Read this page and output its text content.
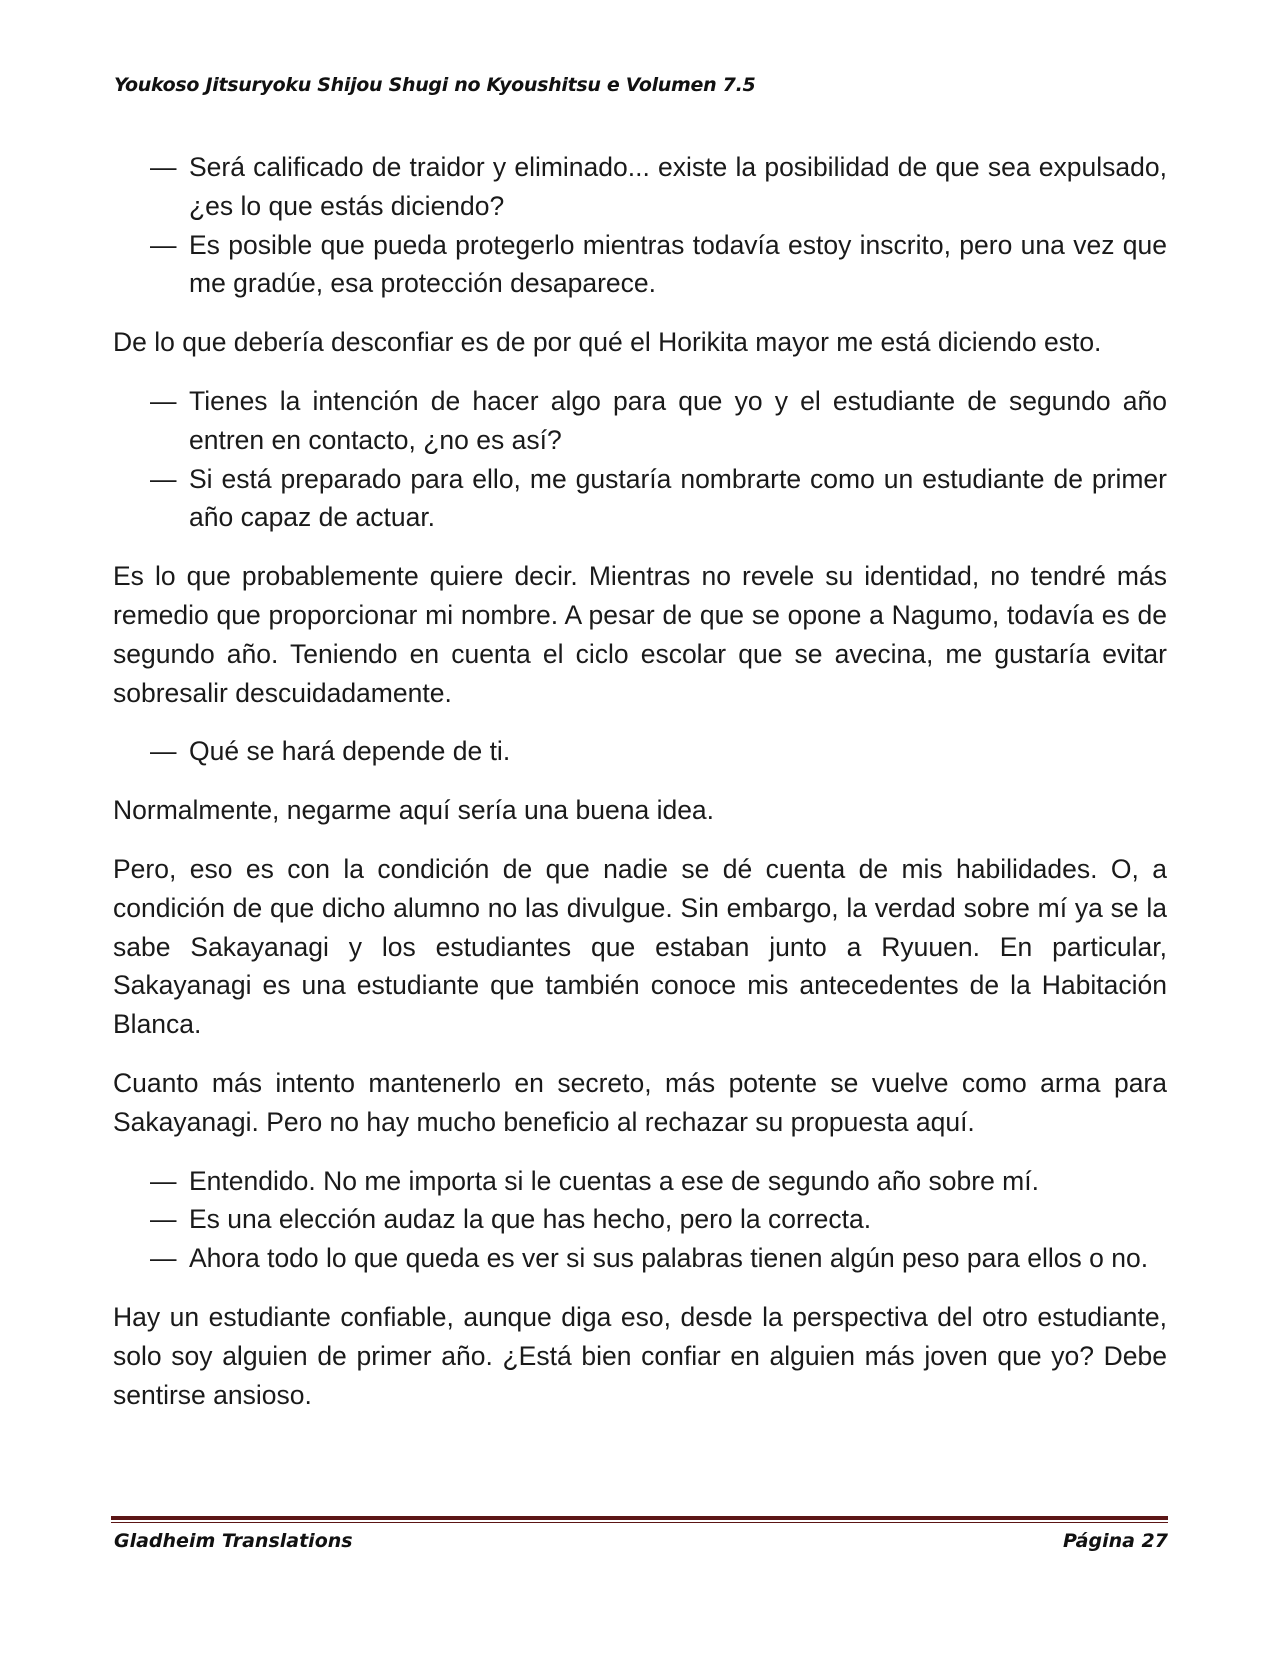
Youkoso Jitsuryoku Shijou Shugi no Kyoushitsu e Volumen 7.5
— Será calificado de traidor y eliminado... existe la posibilidad de que sea expulsado, ¿es lo que estás diciendo?
— Es posible que pueda protegerlo mientras todavía estoy inscrito, pero una vez que me gradúe, esa protección desaparece.

De lo que debería desconfiar es de por qué el Horikita mayor me está diciendo esto.

— Tienes la intención de hacer algo para que yo y el estudiante de segundo año entren en contacto, ¿no es así?
— Si está preparado para ello, me gustaría nombrarte como un estudiante de primer año capaz de actuar.

Es lo que probablemente quiere decir. Mientras no revele su identidad, no tendré más remedio que proporcionar mi nombre. A pesar de que se opone a Nagumo, todavía es de segundo año. Teniendo en cuenta el ciclo escolar que se avecina, me gustaría evitar sobresalir descuidadamente.

— Qué se hará depende de ti.

Normalmente, negarme aquí sería una buena idea.

Pero, eso es con la condición de que nadie se dé cuenta de mis habilidades. O, a condición de que dicho alumno no las divulgue. Sin embargo, la verdad sobre mí ya se la sabe Sakayanagi y los estudiantes que estaban junto a Ryuuen. En particular, Sakayanagi es una estudiante que también conoce mis antecedentes de la Habitación Blanca.

Cuanto más intento mantenerlo en secreto, más potente se vuelve como arma para Sakayanagi. Pero no hay mucho beneficio al rechazar su propuesta aquí.

— Entendido. No me importa si le cuentas a ese de segundo año sobre mí.
— Es una elección audaz la que has hecho, pero la correcta.
— Ahora todo lo que queda es ver si sus palabras tienen algún peso para ellos o no.

Hay un estudiante confiable, aunque diga eso, desde la perspectiva del otro estudiante, solo soy alguien de primer año. ¿Está bien confiar en alguien más joven que yo? Debe sentirse ansioso.

Gladheim Translations	Página 27
